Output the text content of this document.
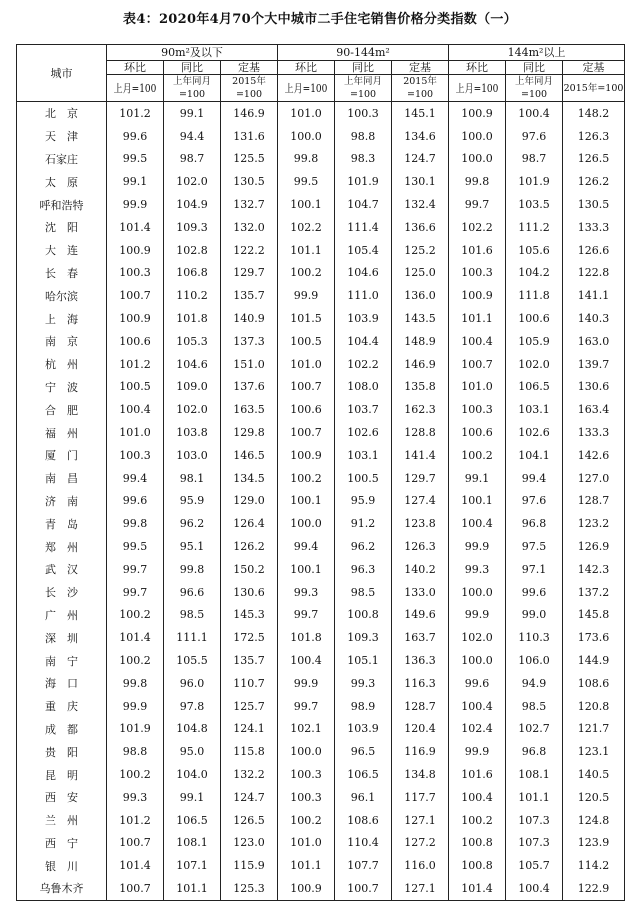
表4：2020年4月70个大中城市二手住宅销售价格分类指数（一）
城市	90m²及以下			90-144m²			144m²以上		
	环比	同比	定基	环比	同比	定基	环比	同比	定基

	上月=100	上年同月=100	2015年=100	上月=100	上年同月=100	2015年=100	上月=100	上年同月=100	2015年=100

北　京	101.2	99.1	146.9	101.0	100.3	145.1	100.9	100.4	148.2
天　津	99.6	94.4	131.6	100.0	98.8	134.6	100.0	97.6	126.3
石家庄	99.5	98.7	125.5	99.8	98.3	124.7	100.0	98.7	126.5
太　原	99.1	102.0	130.5	99.5	101.9	130.1	99.8	101.9	126.2
呼和浩特	99.9	104.9	132.7	100.1	104.7	132.4	99.7	103.5	130.5
沈　阳	101.4	109.3	132.0	102.2	111.4	136.6	102.2	111.2	133.3
大　连	100.9	102.8	122.2	101.1	105.4	125.2	101.6	105.6	126.6
长　春	100.3	106.8	129.7	100.2	104.6	125.0	100.3	104.2	122.8
哈尔滨	100.7	110.2	135.7	99.9	111.0	136.0	100.9	111.8	141.1
上　海	100.9	101.8	140.9	101.5	103.9	143.5	101.1	100.6	140.3
南　京	100.6	105.3	137.3	100.5	104.4	148.9	100.4	105.9	163.0
杭　州	101.2	104.6	151.0	101.0	102.2	146.9	100.7	102.0	139.7
宁　波	100.5	109.0	137.6	100.7	108.0	135.8	101.0	106.5	130.6
合　肥	100.4	102.0	163.5	100.6	103.7	162.3	100.3	103.1	163.4
福　州	101.0	103.8	129.8	100.7	102.6	128.8	100.6	102.6	133.3
厦　门	100.3	103.0	146.5	100.9	103.1	141.4	100.2	104.1	142.6
南　昌	99.4	98.1	134.5	100.2	100.5	129.7	99.1	99.4	127.0
济　南	99.6	95.9	129.0	100.1	95.9	127.4	100.1	97.6	128.7
青　岛	99.8	96.2	126.4	100.0	91.2	123.8	100.4	96.8	123.2
郑　州	99.5	95.1	126.2	99.4	96.2	126.3	99.9	97.5	126.9
武　汉	99.7	99.8	150.2	100.1	96.3	140.2	99.3	97.1	142.3
长　沙	99.7	96.6	130.6	99.3	98.5	133.0	100.0	99.6	137.2
广　州	100.2	98.5	145.3	99.7	100.8	149.6	99.9	99.0	145.8
深　圳	101.4	111.1	172.5	101.8	109.3	163.7	102.0	110.3	173.6
南　宁	100.2	105.5	135.7	100.4	105.1	136.3	100.0	106.0	144.9
海　口	99.8	96.0	110.7	99.9	99.3	116.3	99.6	94.9	108.6
重　庆	99.9	97.8	125.7	99.7	98.9	128.7	100.4	98.5	120.8
成　都	101.9	104.8	124.1	102.1	103.9	120.4	102.4	102.7	121.7
贵　阳	98.8	95.0	115.8	100.0	96.5	116.9	99.9	96.8	123.1
昆　明	100.2	104.0	132.2	100.3	106.5	134.8	101.6	108.1	140.5
西　安	99.3	99.1	124.7	100.3	96.1	117.7	100.4	101.1	120.5
兰　州	101.2	106.5	126.5	100.2	108.6	127.1	100.2	107.3	124.8
西　宁	100.7	108.1	123.0	101.0	110.4	127.2	100.8	107.3	123.9
银　川	101.4	107.1	115.9	101.1	107.7	116.0	100.8	105.7	114.2
乌鲁木齐	100.7	101.1	125.3	100.9	100.7	127.1	101.4	100.4	122.9
